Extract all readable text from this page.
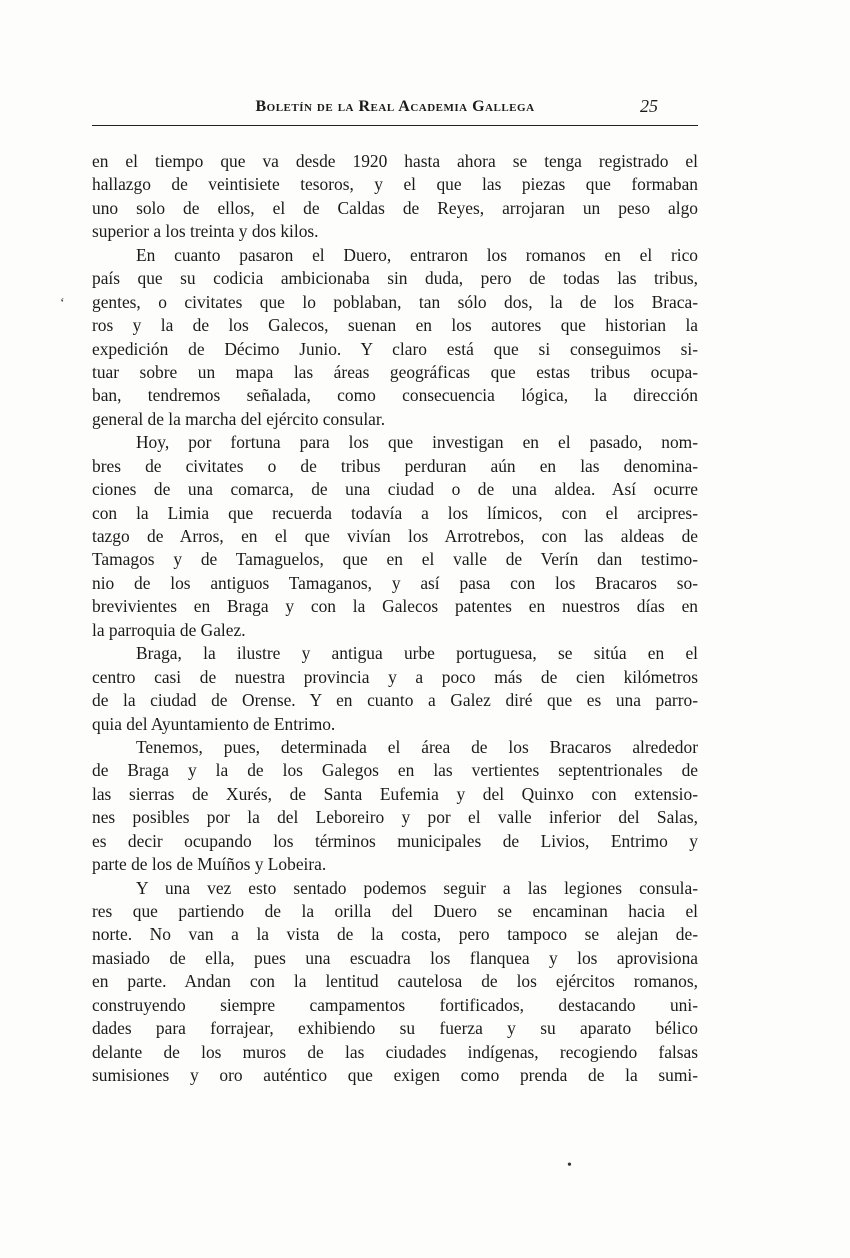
Boletín de la Real Academia Gallega	25
en el tiempo que va desde 1920 hasta ahora se tenga registrado el
hallazgo de veintisiete tesoros, y el que las piezas que formaban
uno solo de ellos, el de Caldas de Reyes, arrojaran un peso algo
superior a los treinta y dos kilos.
En cuanto pasaron el Duero, entraron los romanos en el rico
país que su codicia ambicionaba sin duda, pero de todas las tribus,
gentes, o civitates que lo poblaban, tan sólo dos, la de los Braca-
ros y la de los Galecos, suenan en los autores que historian la
expedición de Décimo Junio. Y claro está que si conseguimos si-
tuar sobre un mapa las áreas geográficas que estas tribus ocupa-
ban, tendremos señalada, como consecuencia lógica, la dirección
general de la marcha del ejército consular.
Hoy, por fortuna para los que investigan en el pasado, nom-
bres de civitates o de tribus perduran aún en las denomina-
ciones de una comarca, de una ciudad o de una aldea. Así ocurre
con la Limia que recuerda todavía a los límicos, con el arcipres-
tazgo de Arros, en el que vivían los Arrotrebos, con las aldeas de
Tamagos y de Tamaguelos, que en el valle de Verín dan testimo-
nio de los antiguos Tamaganos, y así pasa con los Bracaros so-
brevivientes en Braga y con la Galecos patentes en nuestros días en
la parroquia de Galez.
Braga, la ilustre y antigua urbe portuguesa, se sitúa en el
centro casi de nuestra provincia y a poco más de cien kilómetros
de la ciudad de Orense. Y en cuanto a Galez diré que es una parro-
quia del Ayuntamiento de Entrimo.
Tenemos, pues, determinada el área de los Bracaros alrededor
de Braga y la de los Galegos en las vertientes septentrionales de
las sierras de Xurés, de Santa Eufemia y del Quinxo con extensio-
nes posibles por la del Leboreiro y por el valle inferior del Salas,
es decir ocupando los términos municipales de Livios, Entrimo y
parte de los de Muíños y Lobeira.
Y una vez esto sentado podemos seguir a las legiones consula-
res que partiendo de la orilla del Duero se encaminan hacia el
norte. No van a la vista de la costa, pero tampoco se alejan de-
masiado de ella, pues una escuadra los flanquea y los aprovisiona
en parte. Andan con la lentitud cautelosa de los ejércitos romanos,
construyendo siempre campamentos fortificados, destacando uni-
dades para forrajear, exhibiendo su fuerza y su aparato bélico
delante de los muros de las ciudades indígenas, recogiendo falsas
sumisiones y oro auténtico que exigen como prenda de la sumi-
‘
•
